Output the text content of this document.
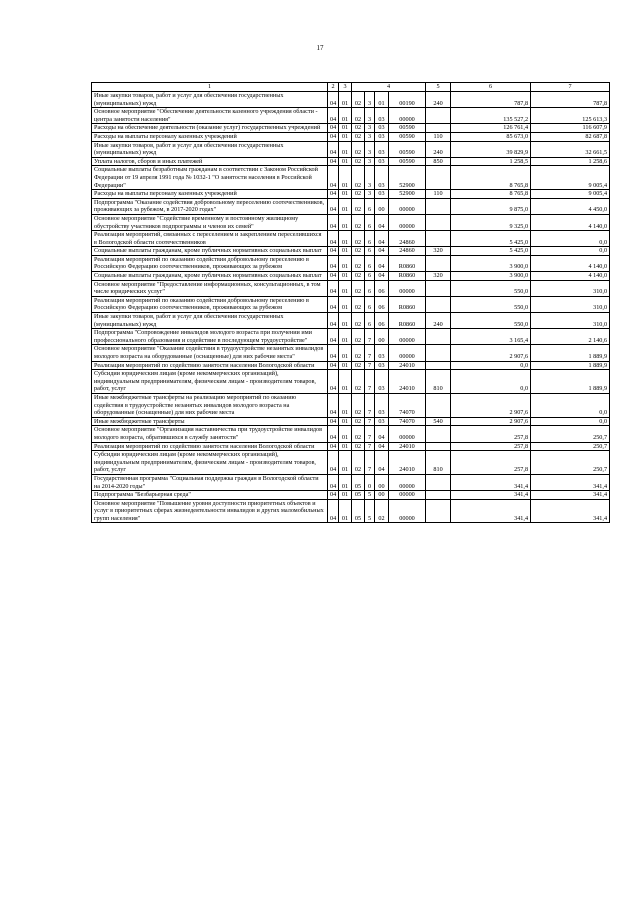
17
1	2	3	4				5	6	7
Иные закупки товаров, работ и услуг для обеспечения государственных (муниципальных) нужд	04	01	02	3	01	00190	240	787,8	787,8
Основное мероприятие "Обеспечение деятельности казенного учреждения области - центра занятости населения"	04	01	02	3	03	00000		135 527,2	125 613,3
Расходы на обеспечение деятельности (оказание услуг) государственных учреждений	04	01	02	3	03	00590		126 761,4	116 607,9
Расходы на выплаты персоналу казенных учреждений	04	01	02	3	03	00590	110	85 673,0	82 687,8
Иные закупки товаров, работ и услуг для обеспечения государственных (муниципальных) нужд	04	01	02	3	03	00590	240	39 829,9	32 661,5
Уплата налогов, сборов и иных платежей	04	01	02	3	03	00590	850	1 258,5	1 258,6
Социальные выплаты безработным гражданам в соответствии с Законом Российской Федерации от 19 апреля 1991 года № 1032-1 "О занятости населения в Российской Федерации"	04	01	02	3	03	52900		8 765,8	9 005,4
Расходы на выплаты персоналу казенных учреждений	04	01	02	3	03	52900	110	8 765,8	9 005,4
Подпрограмма "Оказание содействия добровольному переселению соотечественников, проживающих за рубежом, в 2017-2020 годах"	04	01	02	6	00	00000		9 875,0	4 450,0
Основное мероприятие "Содействие временному и постоянному жилищному обустройству участников подпрограммы и членов их семей"	04	01	02	6	04	00000		9 325,0	4 140,0
Реализация мероприятий, связанных с переселением и закреплением переселившихся в Вологодской области соотечественников	04	01	02	6	04	24860		5 425,0	0,0
Социальные выплаты гражданам, кроме публичных нормативных социальных выплат	04	01	02	6	04	24860	320	5 425,0	0,0
Реализация мероприятий по оказанию содействия добровольному переселению в Российскую Федерацию соотечественников, проживающих за рубежом	04	01	02	6	04	R0860		3 900,0	4 140,0
Социальные выплаты гражданам, кроме публичных нормативных социальных выплат	04	01	02	6	04	R0860	320	3 900,0	4 140,0
Основное мероприятие "Предоставление информационных, консультационных, в том числе юридических услуг"	04	01	02	6	06	00000		550,0	310,0
Реализация мероприятий по оказанию содействия добровольному переселению в Российскую Федерацию соотечественников, проживающих за рубежом	04	01	02	6	06	R0860		550,0	310,0
Иные закупки товаров, работ и услуг для обеспечения государственных (муниципальных) нужд	04	01	02	6	06	R0860	240	550,0	310,0
Подпрограмма "Сопровождение инвалидов молодого возраста при получении ими профессионального образования и содействие в последующем трудоустройстве"	04	01	02	7	00	00000		3 165,4	2 140,6
Основное мероприятие "Оказание содействия в трудоустройстве незанятых инвалидов молодого возраста на оборудованные (оснащенные) для них рабочие места"	04	01	02	7	03	00000		2 907,6	1 889,9
Реализация мероприятий по содействию занятости населения Вологодской области	04	01	02	7	03	24010		0,0	1 889,9
Субсидии юридическим лицам (кроме некоммерческих организаций), индивидуальным предпринимателям, физическим лицам - производителям товаров, работ, услуг	04	01	02	7	03	24010	810	0,0	1 889,9
Иные межбюджетные трансферты на реализацию мероприятий по оказанию содействия в трудоустройстве незанятых инвалидов молодого возраста на оборудованные (оснащенные) для них рабочие места	04	01	02	7	03	74070		2 907,6	0,0
Иные межбюджетные трансферты	04	01	02	7	03	74070	540	2 907,6	0,0
Основное мероприятие "Организация наставничества при трудоустройстве инвалидов молодого возраста, обратившихся в службу занятости"	04	01	02	7	04	00000		257,8	250,7
Реализация мероприятий по содействию занятости населения Вологодской области	04	01	02	7	04	24010		257,8	250,7
Субсидии юридическим лицам (кроме некоммерческих организаций), индивидуальным предпринимателям, физическим лицам - производителям товаров, работ, услуг	04	01	02	7	04	24010	810	257,8	250,7
Государственная программа "Социальная поддержка граждан в Вологодской области на 2014-2020 годы"	04	01	05	0	00	00000		341,4	341,4
Подпрограмма "Безбарьерная среда"	04	01	05	5	00	00000		341,4	341,4
Основное мероприятие "Повышение уровня доступности приоритетных объектов и услуг в приоритетных сферах жизнедеятельности инвалидов и других маломобильных групп населения"	04	01	05	5	02	00000		341,4	341,4
